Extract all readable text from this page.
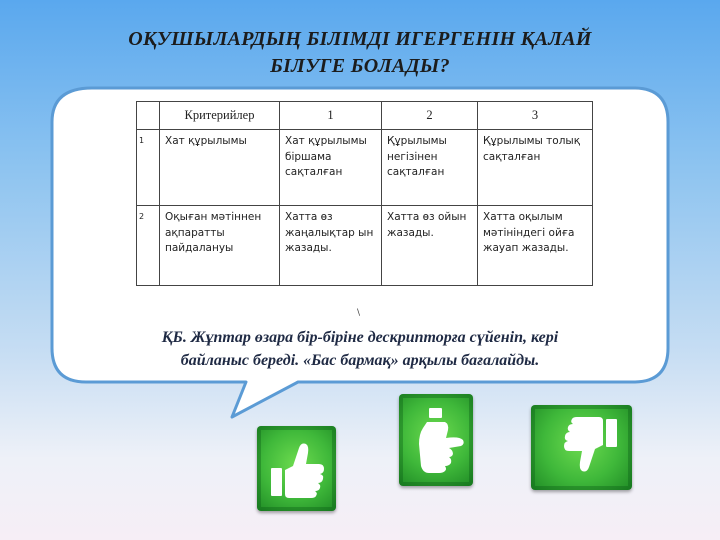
ОҚУШЫЛАРДЫҢ БІЛІМДІ ИГЕРГЕНІН ҚАЛАЙ
БІЛУГЕ БОЛАДЫ?
	Критерийлер	1	2	3
1	Хат құрылымы	Хат құрылымы біршама сақталған	Құрылымы негізінен сақталған	Құрылымы толық сақталған
2	Оқыған мәтіннен ақпаратты пайдалануы	Хатта өз жаңалықтар ын жазады.	Хатта өз ойын жазады.	Хатта оқылым мәтініндегі ойға жауап жазады.
\
ҚБ. Жұптар өзара бір-біріне дескрипторға сүйеніп, кері
байланыс береді. «Бас бармақ» арқылы бағалайды.
